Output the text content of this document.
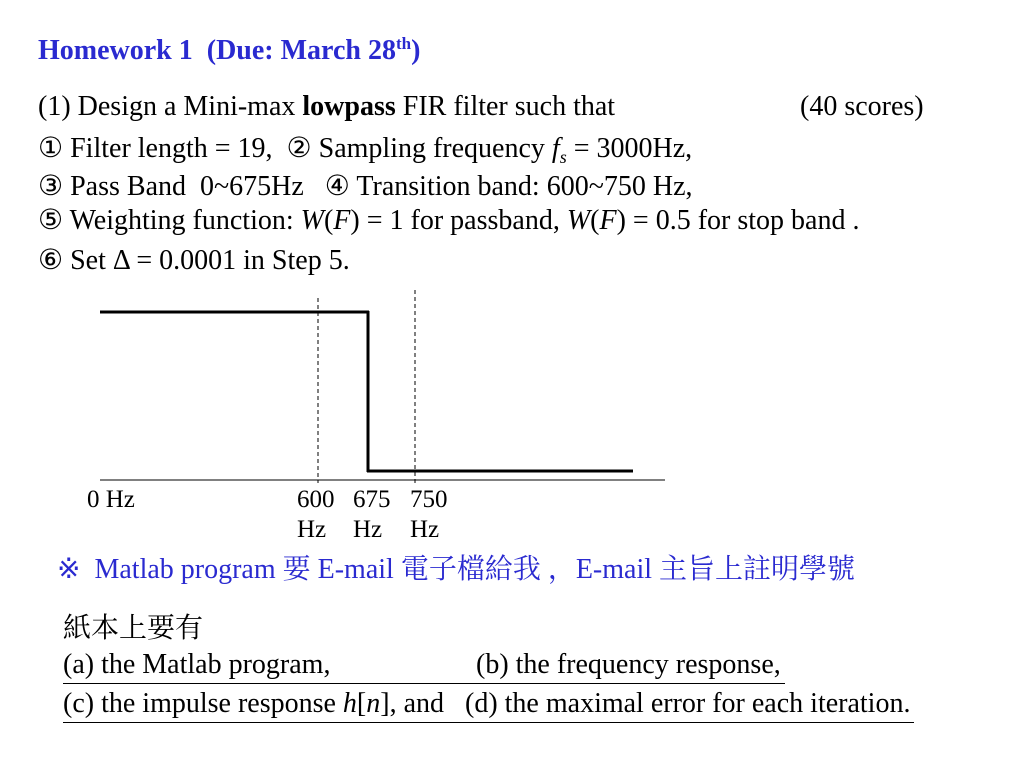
Homework 1  (Due: March 28th)
(1) Design a Mini-max lowpass FIR filter such that	(40 scores)
① Filter length = 19,  ② Sampling frequency $f_s = 3000Hz$,
③ Pass Band  0~675Hz   ④ Transition band: 600~750 Hz,
⑤ Weighting function: W(F) = 1 for passband, W(F) = 0.5 for stop band .
⑥ Set Δ = 0.0001 in Step 5.
0 Hz	600
Hz
675
Hz
750
Hz
※  Matlab program 要 E-mail 電子檔給我 ，E-mail 主旨上註明學號
紙本上要有
(a) the Matlab program,	(b) the frequency response,
(c) the impulse response h[n], and   (d) the maximal error for each iteration.
